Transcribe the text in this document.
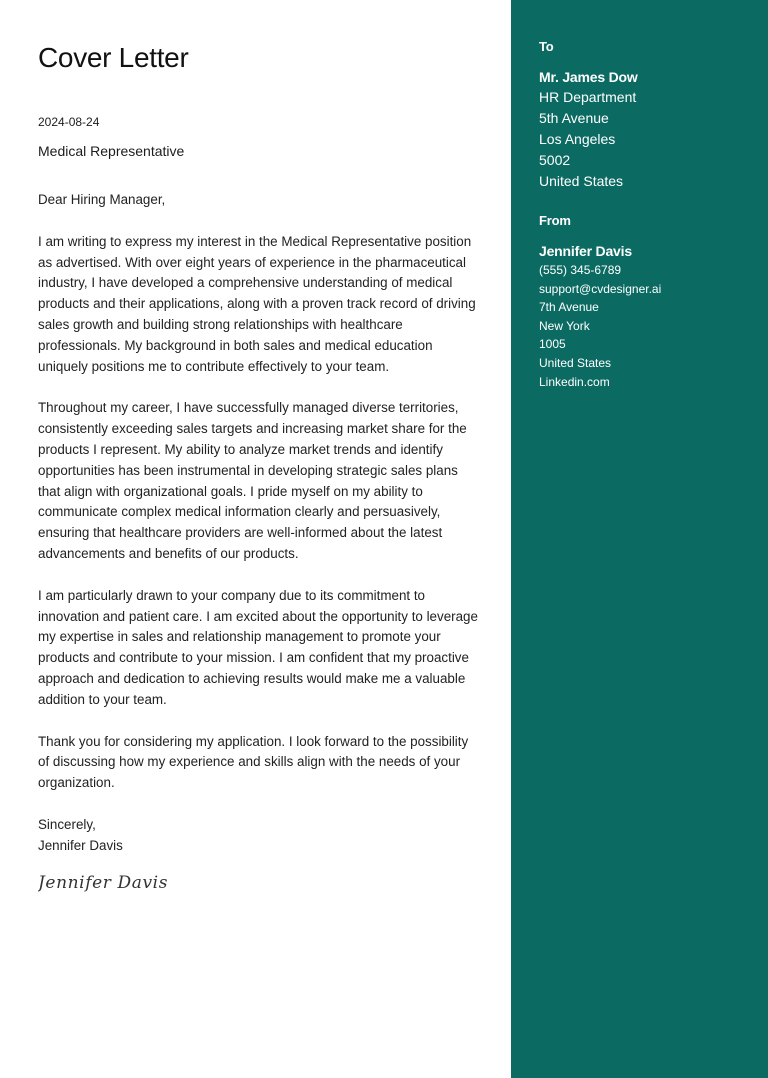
Cover Letter
2024-08-24
Medical Representative

Dear Hiring Manager,

I am writing to express my interest in the Medical Representative position
as advertised. With over eight years of experience in the pharmaceutical
industry, I have developed a comprehensive understanding of medical
products and their applications, along with a proven track record of driving
sales growth and building strong relationships with healthcare
professionals. My background in both sales and medical education
uniquely positions me to contribute effectively to your team.

Throughout my career, I have successfully managed diverse territories,
consistently exceeding sales targets and increasing market share for the
products I represent. My ability to analyze market trends and identify
opportunities has been instrumental in developing strategic sales plans
that align with organizational goals. I pride myself on my ability to
communicate complex medical information clearly and persuasively,
ensuring that healthcare providers are well-informed about the latest
advancements and benefits of our products.

I am particularly drawn to your company due to its commitment to
innovation and patient care. I am excited about the opportunity to leverage
my expertise in sales and relationship management to promote your
products and contribute to your mission. I am confident that my proactive
approach and dedication to achieving results would make me a valuable
addition to your team.

Thank you for considering my application. I look forward to the possibility
of discussing how my experience and skills align with the needs of your
organization.

Sincerely,
Jennifer Davis

Jennifer Davis
To
Mr. James Dow
HR Department
5th Avenue
Los Angeles
5002
United States
From
Jennifer Davis
(555) 345-6789
support@cvdesigner.ai
7th Avenue
New York
1005
United States
Linkedin.com
